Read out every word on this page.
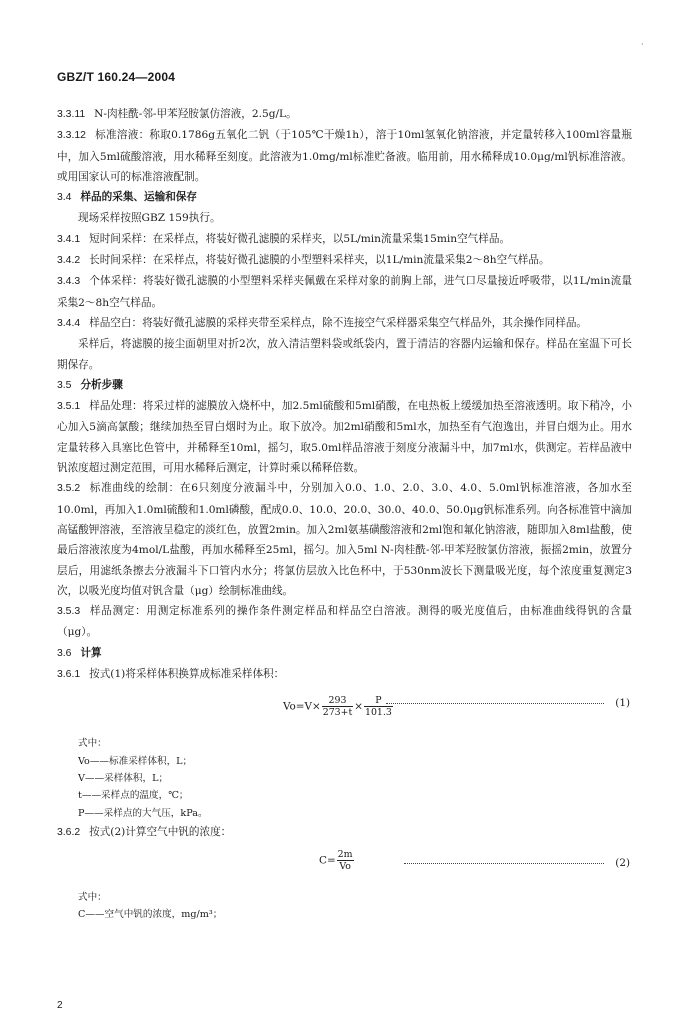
·
GBZ/T 160.24—2004

3.3.11 N-肉桂酰-邻-甲苯羟胺氯仿溶液，2.5g/L。

3.3.12 标准溶液：称取0.1786g五氧化二钒（于105℃干燥1h），溶于10ml氢氧化钠溶液，并定量转移入100ml容量瓶中，加入5ml硫酸溶液，用水稀释至刻度。此溶液为1.0mg/ml标准贮备液。临用前，用水稀释成10.0μg/ml钒标准溶液。或用国家认可的标准溶液配制。

3.4 样品的采集、运输和保存

现场采样按照GBZ 159执行。

3.4.1 短时间采样：在采样点，将装好微孔滤膜的采样夹，以5L/min流量采集15min空气样品。

3.4.2 长时间采样：在采样点，将装好微孔滤膜的小型塑料采样夹，以1L/min流量采集2～8h空气样品。

3.4.3 个体采样：将装好微孔滤膜的小型塑料采样夹佩戴在采样对象的前胸上部，进气口尽量接近呼吸带，以1L/min流量采集2～8h空气样品。

3.4.4 样品空白：将装好微孔滤膜的采样夹带至采样点，除不连接空气采样器采集空气样品外，其余操作同样品。

采样后，将滤膜的接尘面朝里对折2次，放入清洁塑料袋或纸袋内，置于清洁的容器内运输和保存。样品在室温下可长期保存。

3.5 分析步骤

3.5.1 样品处理：将采过样的滤膜放入烧杯中，加2.5ml硫酸和5ml硝酸，在电热板上缓缓加热至溶液透明。取下稍冷，小心加入5滴高氯酸；继续加热至冒白烟时为止。取下放冷。加2ml硝酸和5ml水，加热至有气泡逸出，并冒白烟为止。用水定量转移入具塞比色管中，并稀释至10ml，摇匀，取5.0ml样品溶液于刻度分液漏斗中，加7ml水，供测定。若样品液中钒浓度超过测定范围，可用水稀释后测定，计算时乘以稀释倍数。

3.5.2 标准曲线的绘制：在6只刻度分液漏斗中，分别加入0.0、1.0、2.0、3.0、4.0、5.0ml钒标准溶液，各加水至10.0ml，再加入1.0ml硫酸和1.0ml磷酸，配成0.0、10.0、20.0、30.0、40.0、50.0μg钒标准系列。向各标准管中滴加高锰酸钾溶液，至溶液呈稳定的淡红色，放置2min。加入2ml氨基磺酸溶液和2ml饱和氟化钠溶液，随即加入8ml盐酸，使最后溶液浓度为4mol/L盐酸，再加水稀释至25ml，摇匀。加入5ml N-肉桂酰-邻-甲苯羟胺氯仿溶液，振摇2min，放置分层后，用滤纸条擦去分液漏斗下口管内水分；将氯仿层放入比色杯中，于530nm波长下测量吸光度，每个浓度重复测定3次，以吸光度均值对钒含量（μg）绘制标准曲线。

3.5.3 样品测定：用测定标准系列的操作条件测定样品和样品空白溶液。测得的吸光度值后，由标准曲线得钒的含量（μg）。

3.6 计算

3.6.1 按式(1)将采样体积换算成标准采样体积：

$Vo=V\times \frac{293}{273+t} \times \frac{P}{101.3}$	(1)

式中：

Vo——标准采样体积，L；

V——采样体积，L；

t——采样点的温度，℃；

P——采样点的大气压，kPa。

3.6.2 按式(2)计算空气中钒的浓度：

$C= \frac{2m}{Vo}$	(2)

式中：

C——空气中钒的浓度，mg/m³；

2
